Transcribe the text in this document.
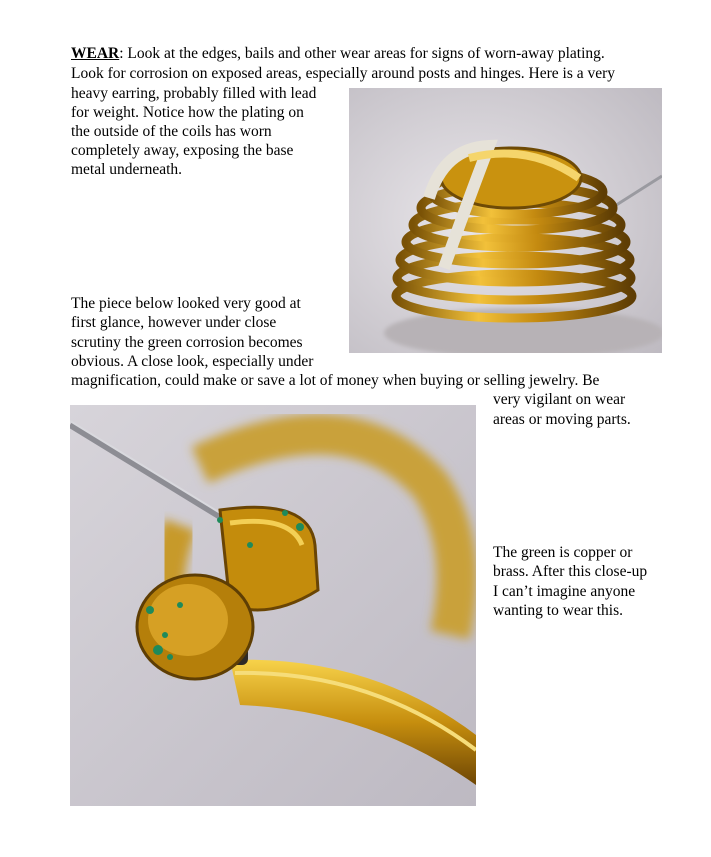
WEAR: Look at the edges, bails and other wear areas for signs of worn-away plating.
Look for corrosion on exposed areas, especially around posts and hinges. Here is a very
heavy earring, probably filled with lead
for weight. Notice how the plating on
the outside of the coils has worn
completely away, exposing the base
metal underneath.
The piece below looked very good at
first glance, however under close
scrutiny the green corrosion becomes
obvious. A close look, especially under
magnification, could make or save a lot of money when buying or selling jewelry. Be
very vigilant on wear
areas or moving parts.
The green is copper or
brass. After this close-up
I can’t imagine anyone
wanting to wear this.
